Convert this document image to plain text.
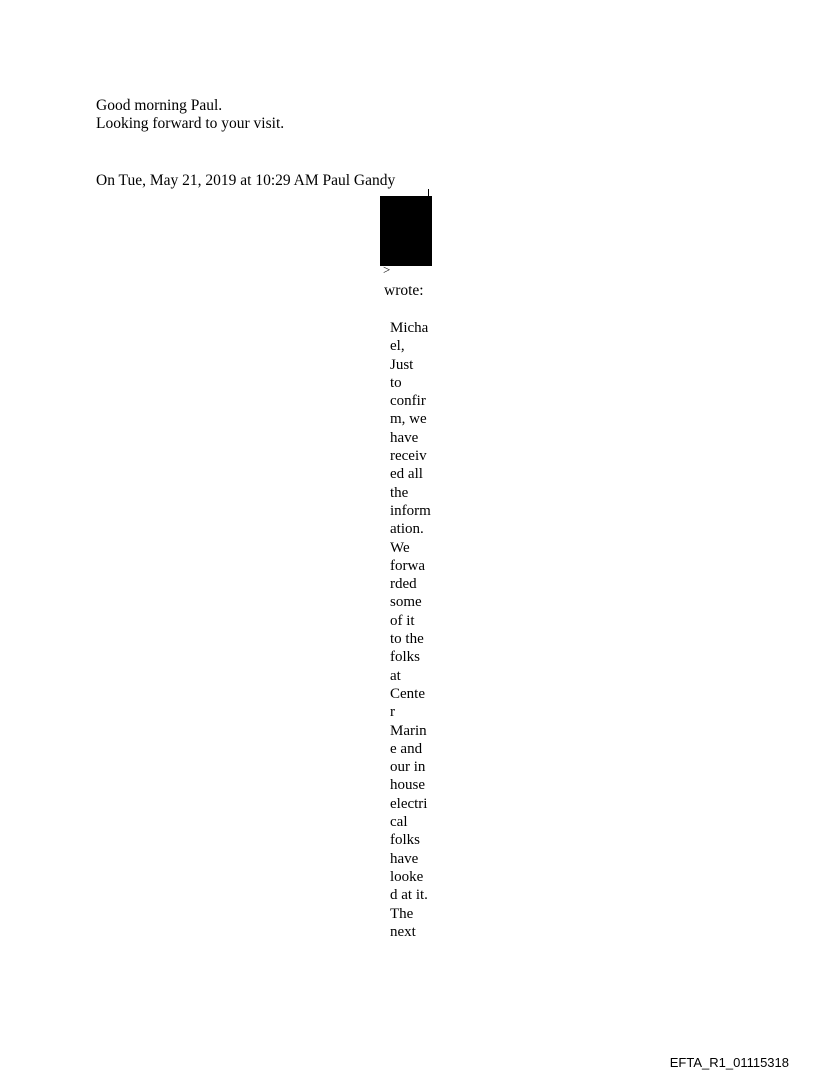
Good morning Paul.
Looking forward to your visit.
On Tue, May 21, 2019 at 10:29 AM Paul Gandy
>
wrote:
Micha
el,
Just
to
confir
m, we
have
receiv
ed all
the
inform
ation.
We
forwa
rded
some
of it
to the
folks
at
Cente
r
Marin
e and
our in
house
electri
cal
folks
have
looke
d at it.
The
next
EFTA_R1_01115318
